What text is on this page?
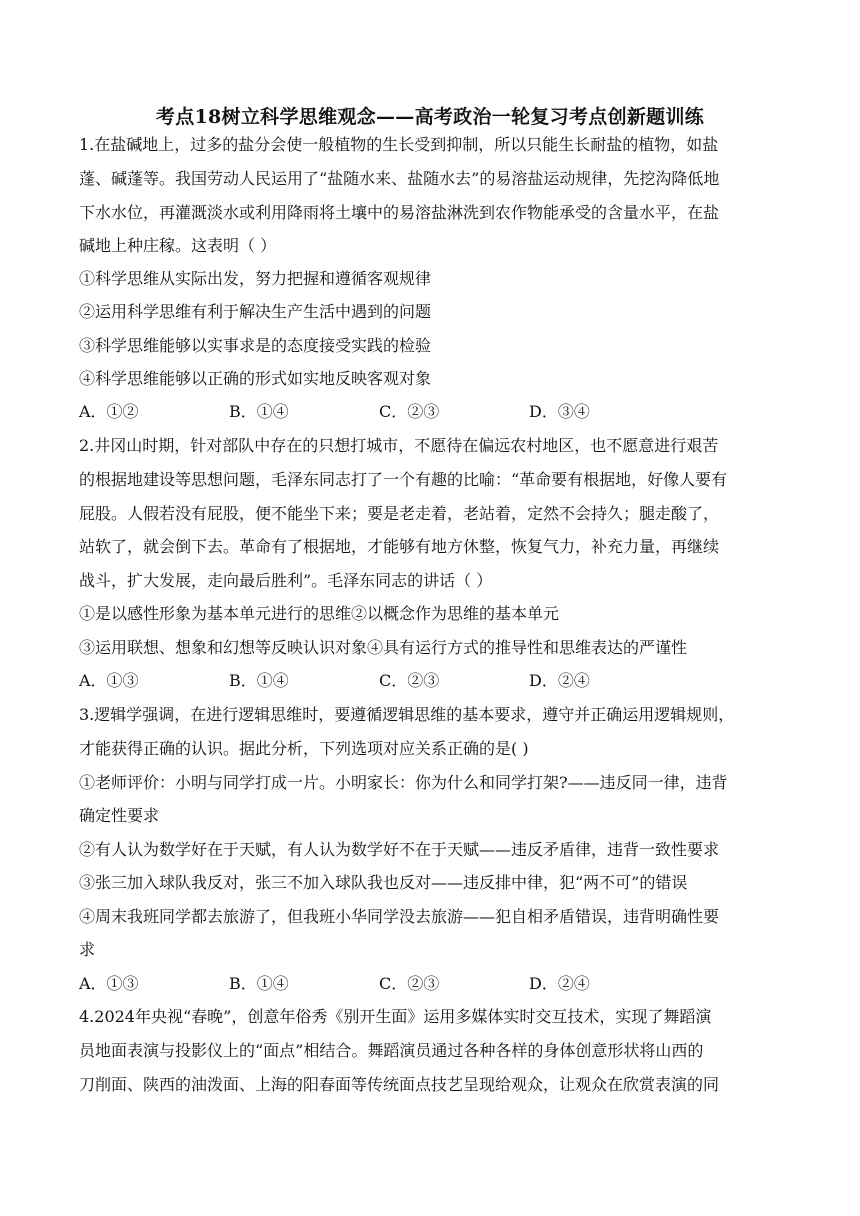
考点18树立科学思维观念——高考政治一轮复习考点创新题训练
1.在盐碱地上，过多的盐分会使一般植物的生长受到抑制，所以只能生长耐盐的植物，如盐
蓬、碱蓬等。我国劳动人民运用了“盐随水来、盐随水去”的易溶盐运动规律，先挖沟降低地
下水水位，再灌溉淡水或利用降雨将土壤中的易溶盐淋洗到农作物能承受的含量水平，在盐
碱地上种庄稼。这表明（ ）
①科学思维从实际出发，努力把握和遵循客观规律
②运用科学思维有利于解决生产生活中遇到的问题
③科学思维能够以实事求是的态度接受实践的检验
④科学思维能够以正确的形式如实地反映客观对象
A．①②	B．①④	C．②③	D．③④
2.井冈山时期，针对部队中存在的只想打城市，不愿待在偏远农村地区，也不愿意进行艰苦
的根据地建设等思想问题，毛泽东同志打了一个有趣的比喻：“革命要有根据地，好像人要有
屁股。人假若没有屁股，便不能坐下来；要是老走着，老站着，定然不会持久；腿走酸了，
站软了，就会倒下去。革命有了根据地，才能够有地方休整，恢复气力，补充力量，再继续
战斗，扩大发展，走向最后胜利”。毛泽东同志的讲话（ ）
①是以感性形象为基本单元进行的思维②以概念作为思维的基本单元
③运用联想、想象和幻想等反映认识对象④具有运行方式的推导性和思维表达的严谨性
A．①③	B．①④	C．②③	D．②④
3.逻辑学强调，在进行逻辑思维时，要遵循逻辑思维的基本要求，遵守并正确运用逻辑规则，
才能获得正确的认识。据此分析，下列选项对应关系正确的是( )
①老师评价：小明与同学打成一片。小明家长：你为什么和同学打架?——违反同一律，违背
确定性要求
②有人认为数学好在于天赋，有人认为数学好不在于天赋——违反矛盾律，违背一致性要求
③张三加入球队我反对，张三不加入球队我也反对——违反排中律，犯“两不可”的错误
④周末我班同学都去旅游了，但我班小华同学没去旅游——犯自相矛盾错误，违背明确性要
求
A．①③	B．①④	C．②③	D．②④
4.2024年央视“春晚”，创意年俗秀《别开生面》运用多媒体实时交互技术，实现了舞蹈演
员地面表演与投影仪上的“面点”相结合。舞蹈演员通过各种各样的身体创意形状将山西的
刀削面、陕西的油泼面、上海的阳春面等传统面点技艺呈现给观众，让观众在欣赏表演的同
